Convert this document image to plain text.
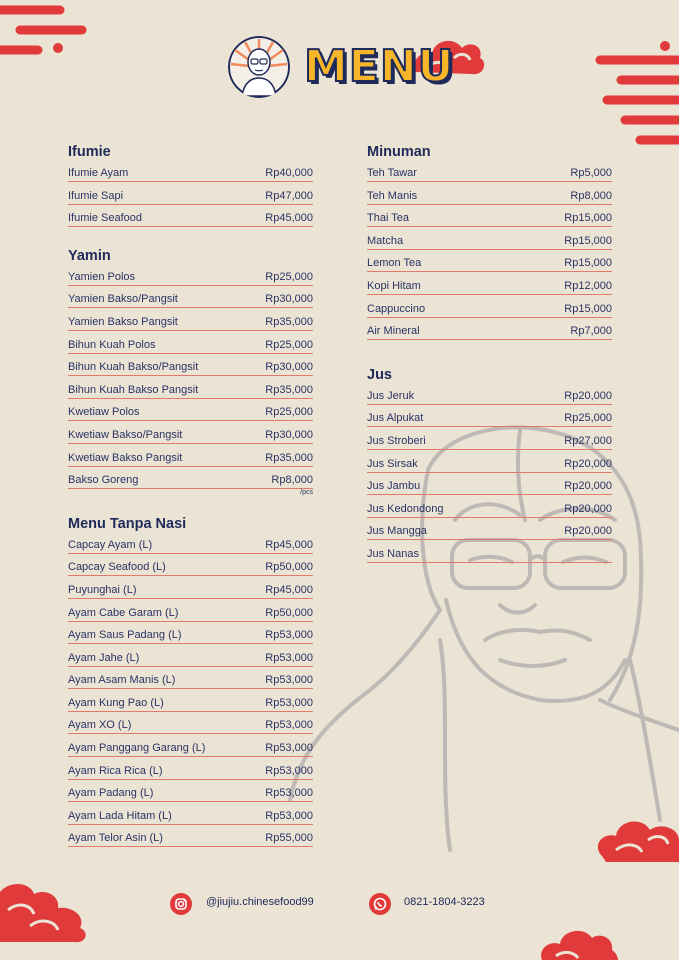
MENU
Ifumie
Ifumie Ayam	Rp40,000
Ifumie Sapi	Rp47,000
Ifumie Seafood	Rp45,000
Yamin
Yamien Polos	Rp25,000
Yamien Bakso/Pangsit	Rp30,000
Yamien Bakso Pangsit	Rp35,000
Bihun Kuah Polos	Rp25,000
Bihun Kuah Bakso/Pangsit	Rp30,000
Bihun Kuah Bakso Pangsit	Rp35,000
Kwetiaw Polos	Rp25,000
Kwetiaw Bakso/Pangsit	Rp30,000
Kwetiaw Bakso Pangsit	Rp35,000
Bakso Goreng	Rp8,000
/pcs
Menu Tanpa Nasi
Capcay Ayam (L)	Rp45,000
Capcay Seafood (L)	Rp50,000
Puyunghai (L)	Rp45,000
Ayam Cabe Garam (L)	Rp50,000
Ayam Saus Padang (L)	Rp53,000
Ayam Jahe (L)	Rp53,000
Ayam Asam Manis (L)	Rp53,000
Ayam Kung Pao (L)	Rp53,000
Ayam XO (L)	Rp53,000
Ayam Panggang Garang (L)	Rp53,000
Ayam Rica Rica (L)	Rp53,000
Ayam Padang (L)	Rp53,000
Ayam Lada Hitam (L)	Rp53,000
Ayam Telor Asin (L)	Rp55,000
Minuman
Teh Tawar	Rp5,000
Teh Manis	Rp8,000
Thai Tea	Rp15,000
Matcha	Rp15,000
Lemon Tea	Rp15,000
Kopi Hitam	Rp12,000
Cappuccino	Rp15,000
Air Mineral	Rp7,000
Jus
Jus Jeruk	Rp20,000
Jus Alpukat	Rp25,000
Jus Stroberi	Rp27,000
Jus Sirsak	Rp20,000
Jus Jambu	Rp20,000
Jus Kedondong	Rp20,000
Jus Mangga	Rp20,000
Jus Nanas
@jiujiu.chinesefood99	0821-1804-3223
